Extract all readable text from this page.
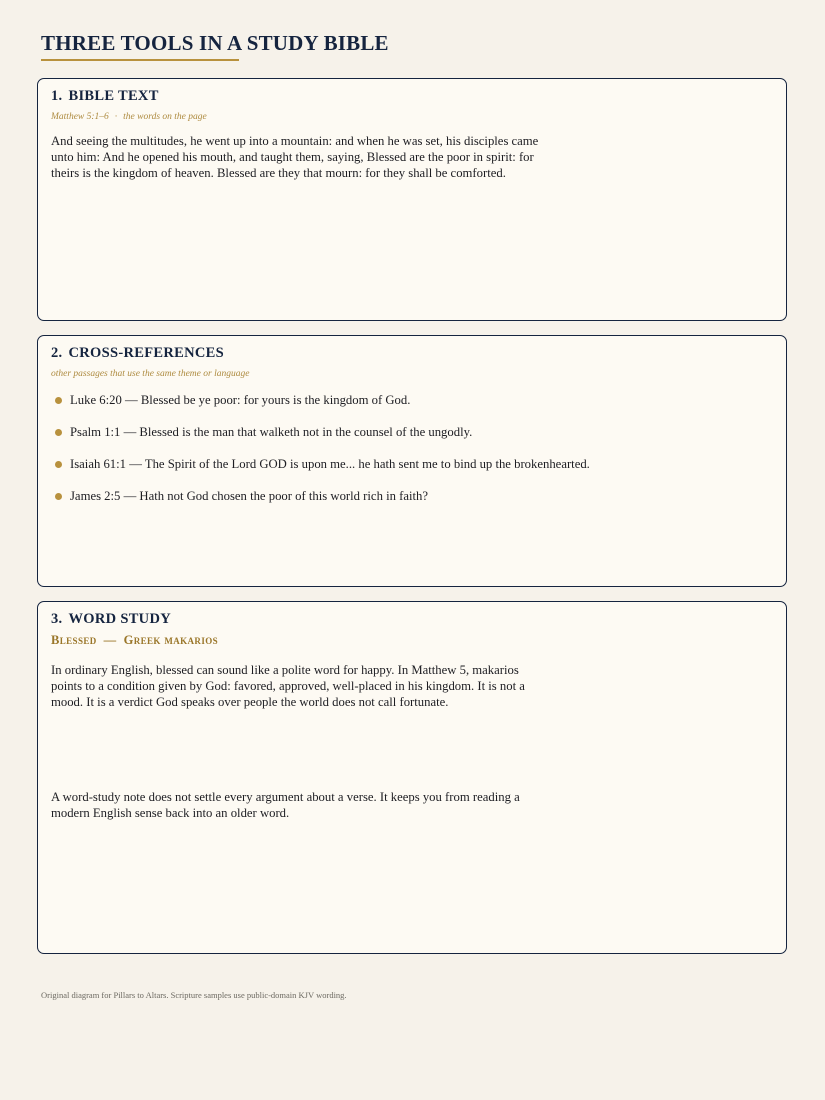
THREE TOOLS IN A STUDY BIBLE
1. BIBLE TEXT
Matthew 5:1–6 · the words on the page

And seeing the multitudes, he went up into a mountain: and when he was set, his disciples came unto him: And he opened his mouth, and taught them, saying, Blessed are the poor in spirit: for theirs is the kingdom of heaven. Blessed are they that mourn: for they shall be comforted.

2. CROSS-REFERENCES
other passages that use the same theme or language
Luke 6:20 — Blessed be ye poor: for yours is the kingdom of God.
Psalm 1:1 — Blessed is the man that walketh not in the counsel of the ungodly.
Isaiah 61:1 — The Spirit of the Lord GOD is upon me... he hath sent me to bind up the brokenhearted.
James 2:5 — Hath not God chosen the poor of this world rich in faith?
3. WORD STUDY
Blessed — Greek makarios

In ordinary English, blessed can sound like a polite word for happy. In Matthew 5, makarios points to a condition given by God: favored, approved, well-placed in his kingdom. It is not a mood. It is a verdict God speaks over people the world does not call fortunate.

A word-study note does not settle every argument about a verse. It keeps you from reading a modern English sense back into an older word.

Original diagram for Pillars to Altars. Scripture samples use public-domain KJV wording.
